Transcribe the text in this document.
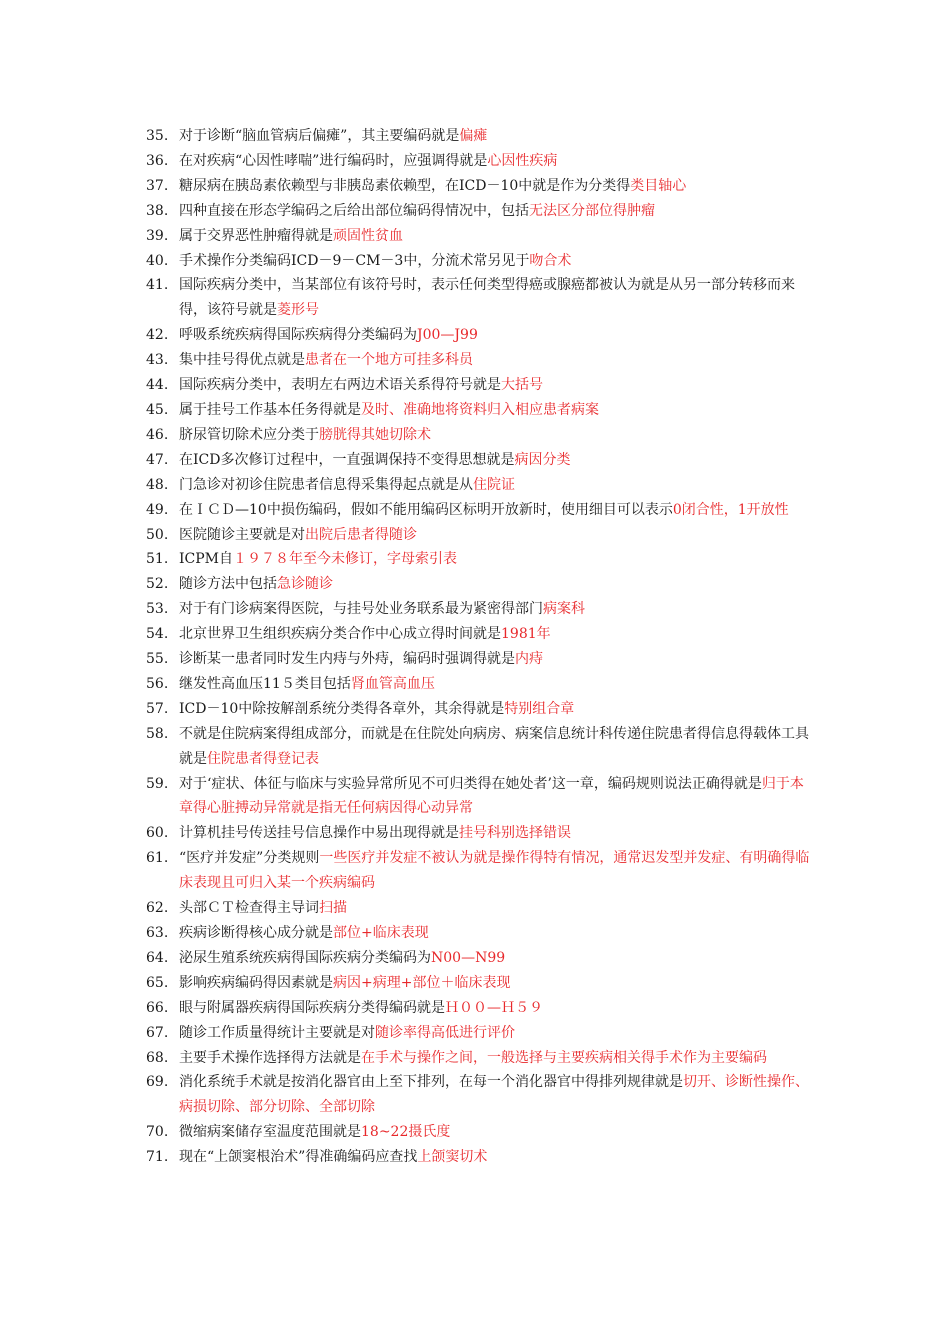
35. 对于诊断“脑血管病后偏瘫”，其主要编码就是偏瘫
36. 在对疾病“心因性哮喘”进行编码时，应强调得就是心因性疾病
37. 糖尿病在胰岛素依赖型与非胰岛素依赖型，在ICD－10中就是作为分类得类目轴心
38. 四种直接在形态学编码之后给出部位编码得情况中，包括无法区分部位得肿瘤
39. 属于交界恶性肿瘤得就是顽固性贫血
40. 手术操作分类编码ICD－9－CM－3中，分流术常另见于吻合术
41. 国际疾病分类中，当某部位有该符号时，表示任何类型得癌或腺癌都被认为就是从另一部分转移而来得，该符号就是菱形号
42. 呼吸系统疾病得国际疾病得分类编码为J00—J99
43. 集中挂号得优点就是患者在一个地方可挂多科员
44. 国际疾病分类中，表明左右两边术语关系得符号就是大括号
45. 属于挂号工作基本任务得就是及时、准确地将资料归入相应患者病案
46. 脐尿管切除术应分类于膀胱得其她切除术
47. 在ICD多次修订过程中，一直强调保持不变得思想就是病因分类
48. 门急诊对初诊住院患者信息得采集得起点就是从住院证
49. 在ＩＣＤ—10中损伤编码，假如不能用编码区标明开放新时，使用细目可以表示0闭合性，1开放性
50. 医院随诊主要就是对出院后患者得随诊
51. ICPM自１９７８年至今未修订，字母索引表
52. 随诊方法中包括急诊随诊
53. 对于有门诊病案得医院，与挂号处业务联系最为紧密得部门病案科
54. 北京世界卫生组织疾病分类合作中心成立得时间就是1981年
55. 诊断某一患者同时发生内痔与外痔，编码时强调得就是内痔
56. 继发性高血压11５类目包括肾血管高血压
57. ICD－10中除按解剖系统分类得各章外，其余得就是特别组合章
58. 不就是住院病案得组成部分，而就是在住院处向病房、病案信息统计科传递住院患者得信息得载体工具就是住院患者得登记表
59. 对于‘症状、体征与临床与实验异常所见不可归类得在她处者’这一章，编码规则说法正确得就是归于本章得心脏搏动异常就是指无任何病因得心动异常
60. 计算机挂号传送挂号信息操作中易出现得就是挂号科别选择错误
61. “医疗并发症”分类规则一些医疗并发症不被认为就是操作得特有情况，通常迟发型并发症、有明确得临床表现且可归入某一个疾病编码
62. 头部ＣＴ检查得主导词扫描
63. 疾病诊断得核心成分就是部位+临床表现
64. 泌尿生殖系统疾病得国际疾病分类编码为N00—N99
65. 影响疾病编码得因素就是病因+病理+部位＋临床表现
66. 眼与附属器疾病得国际疾病分类得编码就是Ｈ００—Ｈ５９
67. 随诊工作质量得统计主要就是对随诊率得高低进行评价
68. 主要手术操作选择得方法就是在手术与操作之间，一般选择与主要疾病相关得手术作为主要编码
69. 消化系统手术就是按消化器官由上至下排列，在每一个消化器官中得排列规律就是切开、诊断性操作、病损切除、部分切除、全部切除
70. 微缩病案储存室温度范围就是18~22摄氏度
71. 现在“上颌窦根治术”得准确编码应查找上颌窦切术
